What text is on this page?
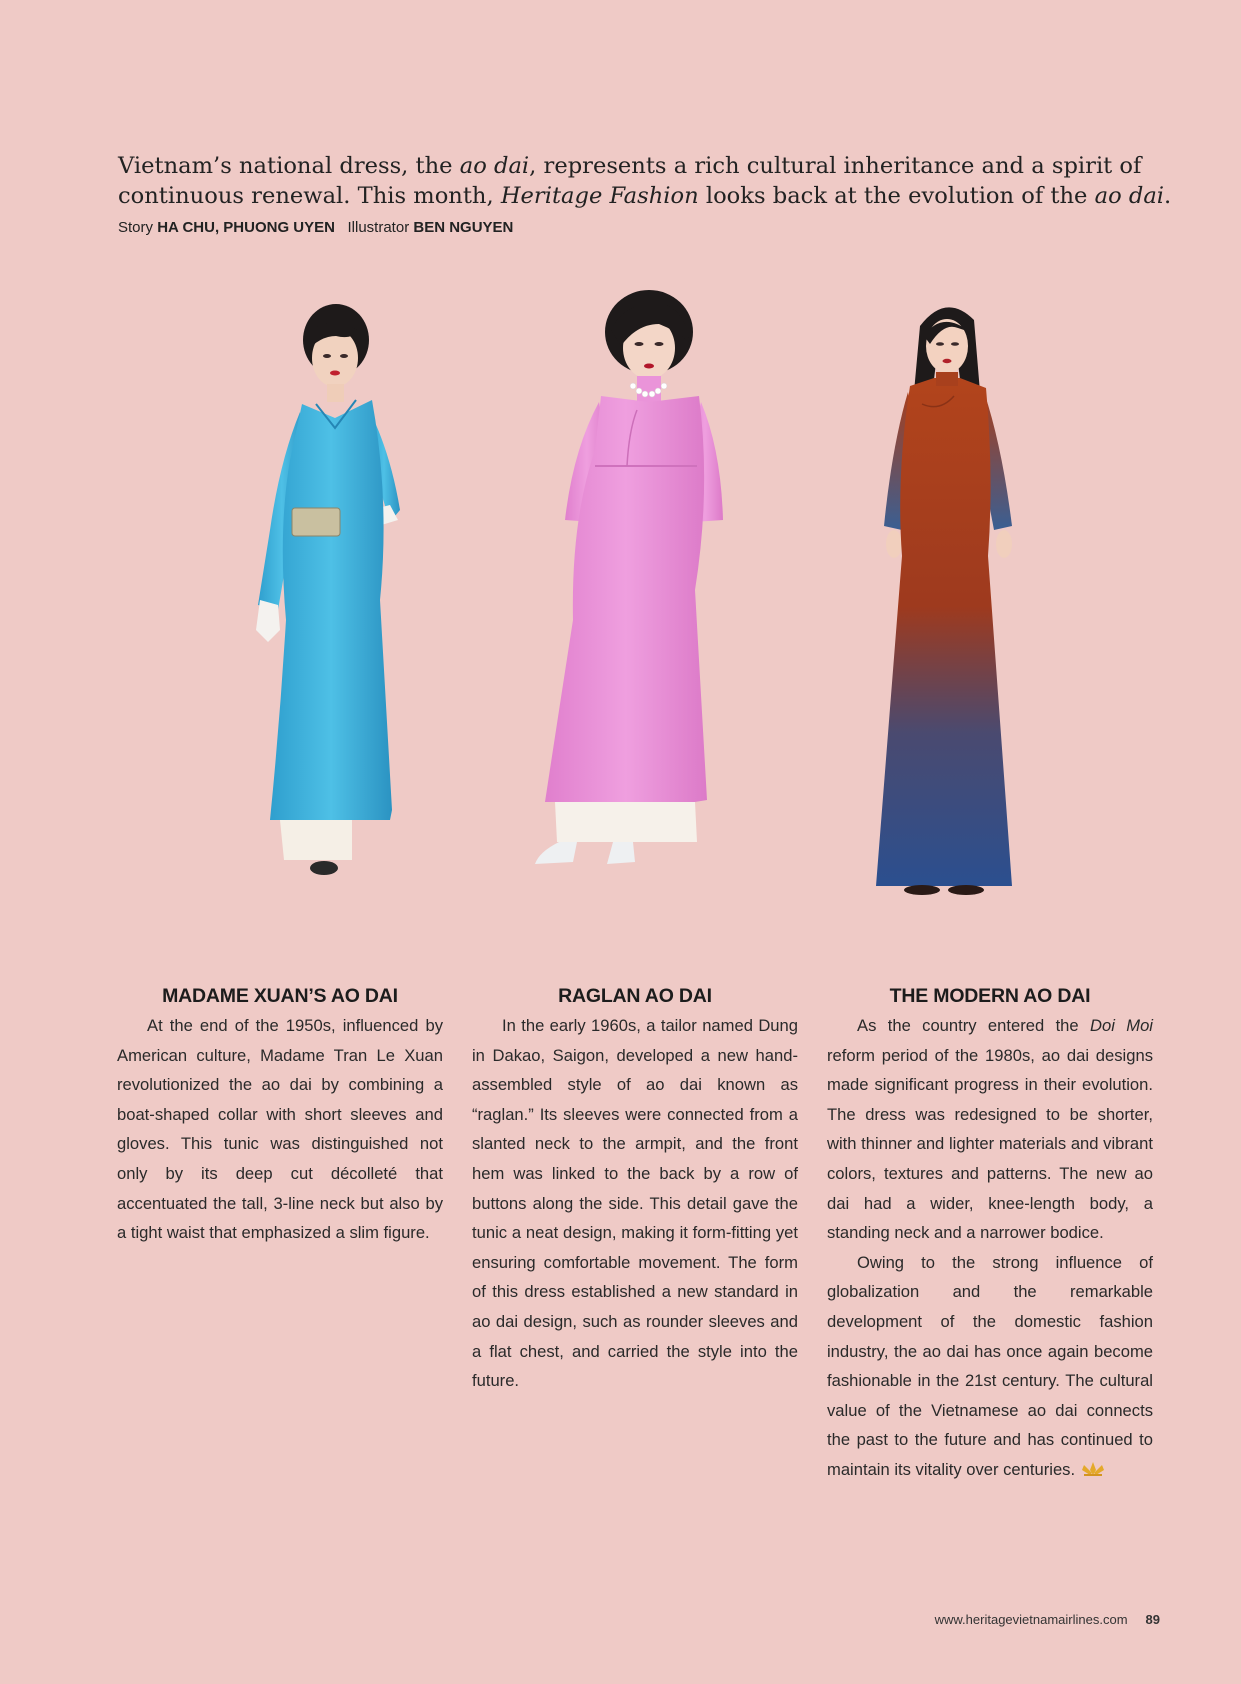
Vietnam’s national dress, the ao dai, represents a rich cultural inheritance and a spirit of
continuous renewal. This month, Heritage Fashion looks back at the evolution of the ao dai.
Story HA CHU, PHUONG UYEN Illustrator BEN NGUYEN
MADAME XUAN’S AO DAI

At the end of the 1950s, influenced by American culture, Madame Tran Le Xuan revolutionized the ao dai by combining a boat-shaped collar with short sleeves and gloves. This tunic was distinguished not only by its deep cut décolleté that accentuated the tall, 3-line neck but also by a tight waist that emphasized a slim figure.

RAGLAN AO DAI

In the early 1960s, a tailor named Dung in Dakao, Saigon, developed a new hand-assembled style of ao dai known as “raglan.” Its sleeves were connected from a slanted neck to the armpit, and the front hem was linked to the back by a row of buttons along the side. This detail gave the tunic a neat design, making it form-fitting yet ensuring comfortable movement. The form of this dress established a new standard in ao dai design, such as rounder sleeves and a flat chest, and carried the style into the future.

THE MODERN AO DAI

As the country entered the Doi Moi reform period of the 1980s, ao dai designs made significant progress in their evolution. The dress was redesigned to be shorter, with thinner and lighter materials and vibrant colors, textures and patterns. The new ao dai had a wider, knee-length body, a standing neck and a narrower bodice.

Owing to the strong influence of globalization and the remarkable development of the domestic fashion industry, the ao dai has once again become fashionable in the 21st century. The cultural value of the Vietnamese ao dai connects the past to the future and has continued to maintain its vitality over centuries.

www.heritagevietnamairlines.com 89
